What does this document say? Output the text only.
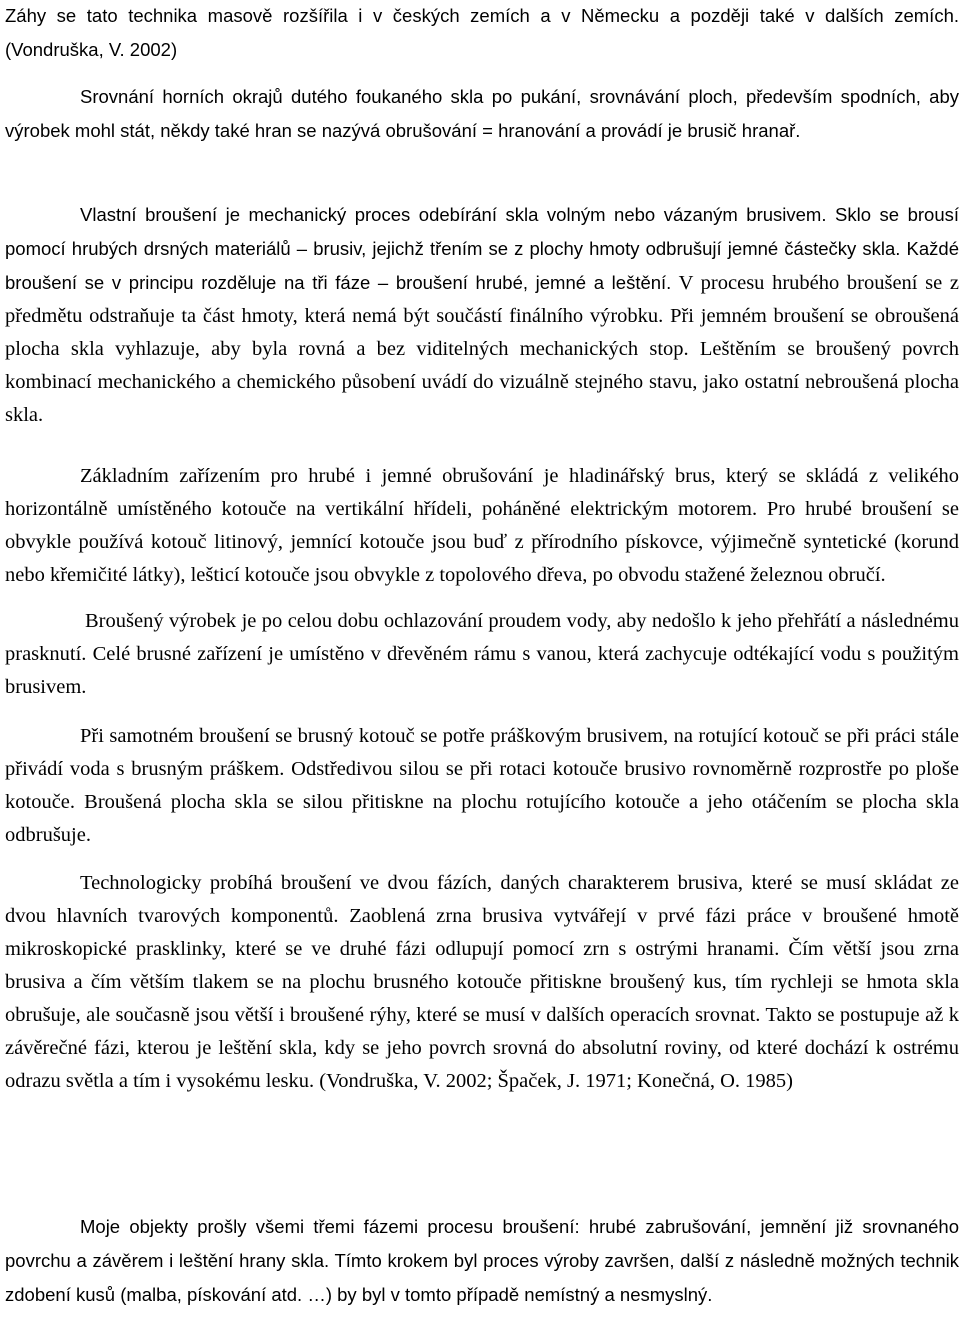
Záhy se tato technika masově rozšířila i v českých zemích a v Německu a později také v dalších zemích. (Vondruška, V. 2002)

Srovnání horních okrajů dutého foukaného skla po pukání, srovnávání ploch, především spodních, aby výrobek mohl stát, někdy také hran se nazývá obrušování = hranování a provádí je brusič hranař.

Vlastní broušení je mechanický proces odebírání skla volným nebo vázaným brusivem. Sklo se brousí pomocí hrubých drsných materiálů – brusiv, jejichž třením se z plochy hmoty odbrušují jemné částečky skla. Každé broušení se v principu rozděluje na tři fáze – broušení hrubé, jemné a leštění. V procesu hrubého broušení se z předmětu odstraňuje ta část hmoty, která nemá být součástí finálního výrobku. Při jemném broušení se obroušená plocha skla vyhlazuje, aby byla rovná a bez viditelných mechanických stop. Leštěním se broušený povrch kombinací mechanického a chemického působení uvádí do vizuálně stejného stavu, jako ostatní nebroušená plocha skla.

Základním zařízením pro hrubé i jemné obrušování je hladinářský brus, který se skládá z velikého horizontálně umístěného kotouče na vertikální hřídeli, poháněné elektrickým motorem. Pro hrubé broušení se obvykle používá kotouč litinový, jemnící kotouče jsou buď z přírodního pískovce, výjimečně syntetické (korund nebo křemičité látky), lešticí kotouče jsou obvykle z topolového dřeva, po obvodu stažené železnou obručí.

Broušený výrobek je po celou dobu ochlazování proudem vody, aby nedošlo k jeho přehřátí a následnému prasknutí. Celé brusné zařízení je umístěno v dřevěném rámu s vanou, která zachycuje odtékající vodu s použitým brusivem.

Při samotném broušení se brusný kotouč se potře práškovým brusivem, na rotující kotouč se při práci stále přivádí voda s brusným práškem. Odstředivou silou se při rotaci kotouče brusivo rovnoměrně rozprostře po ploše kotouče. Broušená plocha skla se silou přitiskne na plochu rotujícího kotouče a jeho otáčením se plocha skla odbrušuje.

Technologicky probíhá broušení ve dvou fázích, daných charakterem brusiva, které se musí skládat ze dvou hlavních tvarových komponentů. Zaoblená zrna brusiva vytvářejí v prvé fázi práce v broušené hmotě mikroskopické prasklinky, které se ve druhé fázi odlupují pomocí zrn s ostrými hranami. Čím větší jsou zrna brusiva a čím větším tlakem se na plochu brusného kotouče přitiskne broušený kus, tím rychleji se hmota skla obrušuje, ale současně jsou větší i broušené rýhy, které se musí v dalších operacích srovnat. Takto se postupuje až k závěrečné fázi, kterou je leštění skla, kdy se jeho povrch srovná do absolutní roviny, od které dochází k ostrému odrazu světla a tím i vysokému lesku. (Vondruška, V. 2002; Špaček, J. 1971; Konečná, O. 1985)

Moje objekty prošly všemi třemi fázemi procesu broušení: hrubé zabrušování, jemnění již srovnaného povrchu a závěrem i leštění hrany skla. Tímto krokem byl proces výroby završen, další z následně možných technik zdobení kusů (malba, pískování atd. …) by byl v tomto případě nemístný a nesmyslný.
